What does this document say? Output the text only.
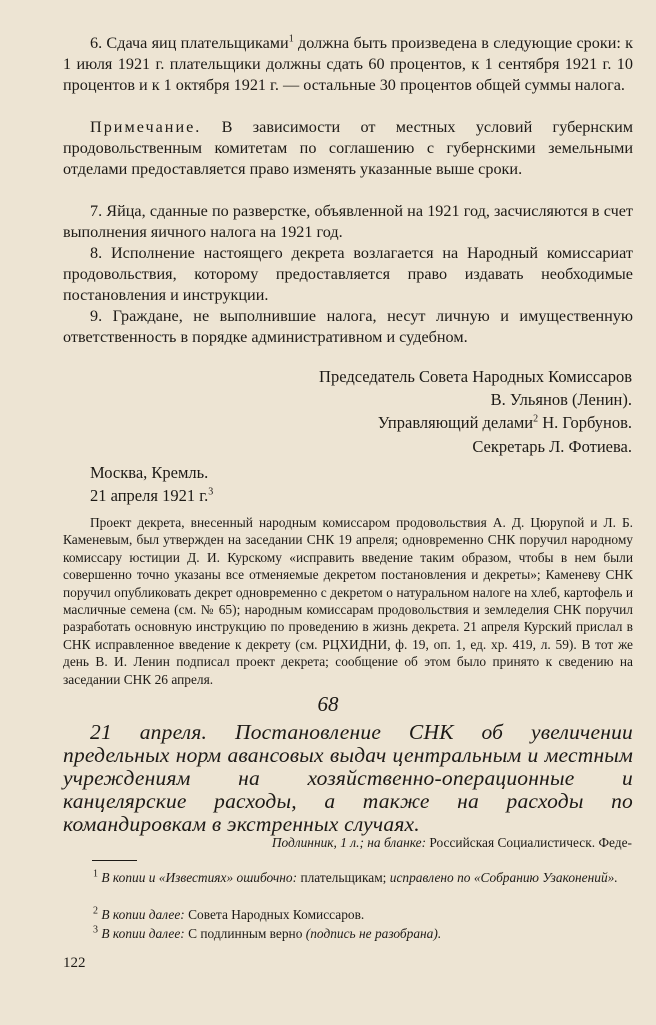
6. Сдача яиц плательщиками$^1$ должна быть произведена в следующие сроки: к 1 июля 1921 г. плательщики должны сдать 60 процентов, к 1 сентября 1921 г. 10 процентов и к 1 октября 1921 г. — остальные 30 процентов общей суммы налога.

Примечание. В зависимости от местных условий губернским продовольственным комитетам по соглашению с губернскими земельными отделами предоставляется право изменять указанные выше сроки.

7. Яйца, сданные по разверстке, объявленной на 1921 год, засчисляются в счет выполнения яичного налога на 1921 год.

8. Исполнение настоящего декрета возлагается на Народный комиссариат продовольствия, которому предоставляется право издавать необходимые постановления и инструкции.

9. Граждане, не выполнившие налога, несут личную и имущественную ответственность в порядке административном и судебном.

Председатель Совета Народных Комиссаров
В. Ульянов (Ленин).
Управляющий делами$^2$ Н. Горбунов.
Секретарь Л. Фотиева.
Москва, Кремль.
21 апреля 1921 г.$^3$

Проект декрета, внесенный народным комиссаром продовольствия А. Д. Цюрупой и Л. Б. Каменевым, был утвержден на заседании СНК 19 апреля; одновременно СНК поручил народному комиссару юстиции Д. И. Курскому «исправить введение таким образом, чтобы в нем были совершенно точно указаны все отменяемые декретом постановления и декреты»; Каменеву СНК поручил опубликовать декрет одновременно с декретом о натуральном налоге на хлеб, картофель и масличные семена (см. № 65); народным комиссарам продовольствия и земледелия СНК поручил разработать основную инструкцию по проведению в жизнь декрета. 21 апреля Курский прислал в СНК исправленное введение к декрету (см. РЦХИДНИ, ф. 19, оп. 1, ед. хр. 419, л. 59). В тот же день В. И. Ленин подписал проект декрета; сообщение об этом было принято к сведению на заседании СНК 26 апреля.

68

21 апреля. Постановление СНК об увеличении предельных норм авансовых выдач центральным и местным учреждениям на хозяйственно-операционные и канцелярские расходы, а также на расходы по командировкам в экстренных случаях.

Подлинник, 1 л.; на бланке: Российская Социалистическ. Феде-

$^1$ В копии и «Известиях» ошибочно: плательщикам; исправлено по «Собранию Узаконений».

$^2$ В копии далее: Совета Народных Комиссаров.

$^3$ В копии далее: С подлинным верно (подпись не разобрана).

122
